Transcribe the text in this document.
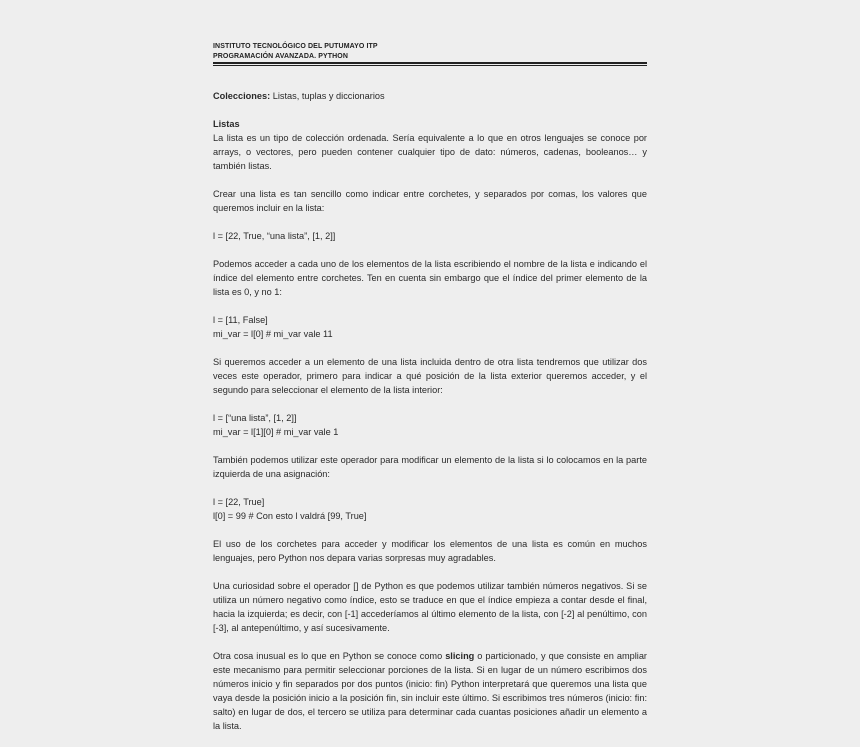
INSTITUTO TECNOLÓGICO DEL PUTUMAYO ITP
PROGRAMACIÓN AVANZADA. PYTHON

Colecciones: Listas, tuplas y diccionarios

Listas

La lista es un tipo de colección ordenada. Sería equivalente a lo que en otros lenguajes se conoce por arrays, o vectores, pero pueden contener cualquier tipo de dato: números, cadenas, booleanos… y también listas.

Crear una lista es tan sencillo como indicar entre corchetes, y separados por comas, los valores que queremos incluir en la lista:

l = [22, True, “una lista”, [1, 2]]

Podemos acceder a cada uno de los elementos de la lista escribiendo el nombre de la lista e indicando el índice del elemento entre corchetes. Ten en cuenta sin embargo que el índice del primer elemento de la lista es 0, y no 1:

l = [11, False]

mi_var = l[0] # mi_var vale 11

Si queremos acceder a un elemento de una lista incluida dentro de otra lista tendremos que utilizar dos veces este operador, primero para indicar a qué posición de la lista exterior queremos acceder, y el segundo para seleccionar el elemento de la lista interior:

l = [“una lista”, [1, 2]]

mi_var = l[1][0] # mi_var vale 1

También podemos utilizar este operador para modificar un elemento de la lista si lo colocamos en la parte izquierda de una asignación:

l = [22, True]

l[0] = 99 # Con esto l valdrá [99, True]

El uso de los corchetes para acceder y modificar los elementos de una lista es común en muchos lenguajes, pero Python nos depara varias sorpresas muy agradables.

Una curiosidad sobre el operador [] de Python es que podemos utilizar también números negativos. Si se utiliza un número negativo como índice, esto se traduce en que el índice empieza a contar desde el final, hacia la izquierda; es decir, con [-1] accederíamos al último elemento de la lista, con [-2] al penúltimo, con [-3], al antepenúltimo, y así sucesivamente.

Otra cosa inusual es lo que en Python se conoce como slicing o particionado, y que consiste en ampliar este mecanismo para permitir seleccionar porciones de la lista. Si en lugar de un número escribimos dos números inicio y fin separados por dos puntos (inicio: fin) Python interpretará que queremos una lista que vaya desde la posición inicio a la posición fin, sin incluir este último. Si escribimos tres números (inicio: fin: salto) en lugar de dos, el tercero se utiliza para determinar cada cuantas posiciones añadir un elemento a la lista.
